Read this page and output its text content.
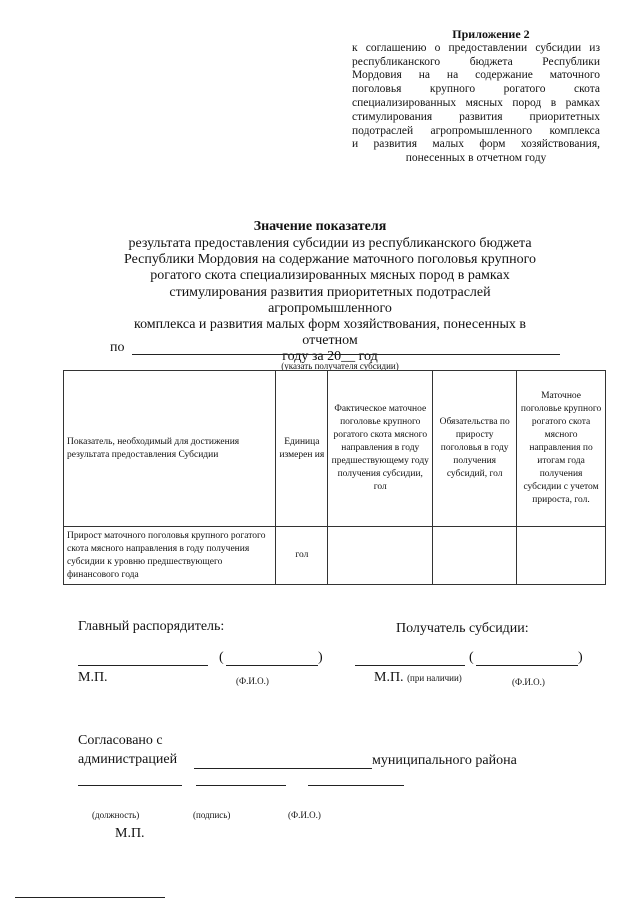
Приложение 2
к соглашению о предоставлении субсидии из
республиканского бюджета Республики
Мордовия на на содержание маточного
поголовья крупного рогатого скота
специализированных мясных пород в рамках
стимулирования развития приоритетных
подотраслей агропромышленного комплекса
и развития малых форм хозяйствования,
понесенных в отчетном году
Значение показателя
результата предоставления субсидии из республиканского бюджета
Республики Мордовия на содержание маточного поголовья крупного
рогатого скота специализированных мясных пород в рамках
стимулирования развития приоритетных подотраслей агропромышленного
комплекса и развития малых форм хозяйствования, понесенных в отчетном
году за 20__ год
по
(указать получателя субсидии)
Показатель, необходимый для достижения результата предоставления Субсидии	Единица измерен ия	Фактическое маточное поголовье крупного рогатого скота мясного направления в году предшествующему году получения субсидии, гол	Обязательства по приросту поголовья в году получения субсидий, гол	Маточное поголовье крупного рогатого скота мясного направления по итогам года получения субсидии с учетом прироста, гол.
Прирост маточного поголовья крупного рогатого скота мясного направления в году получения субсидии к уровню предшествующего финансового года	гол			
Главный распорядитель:	Получатель субсидии:
(	)
М.П.	(Ф.И.О.)
(	)
М.П. (при наличии)	(Ф.И.О.)
Согласовано с
администрацией	муниципального района
(должность)	(подпись)	(Ф.И.О.)
М.П.
